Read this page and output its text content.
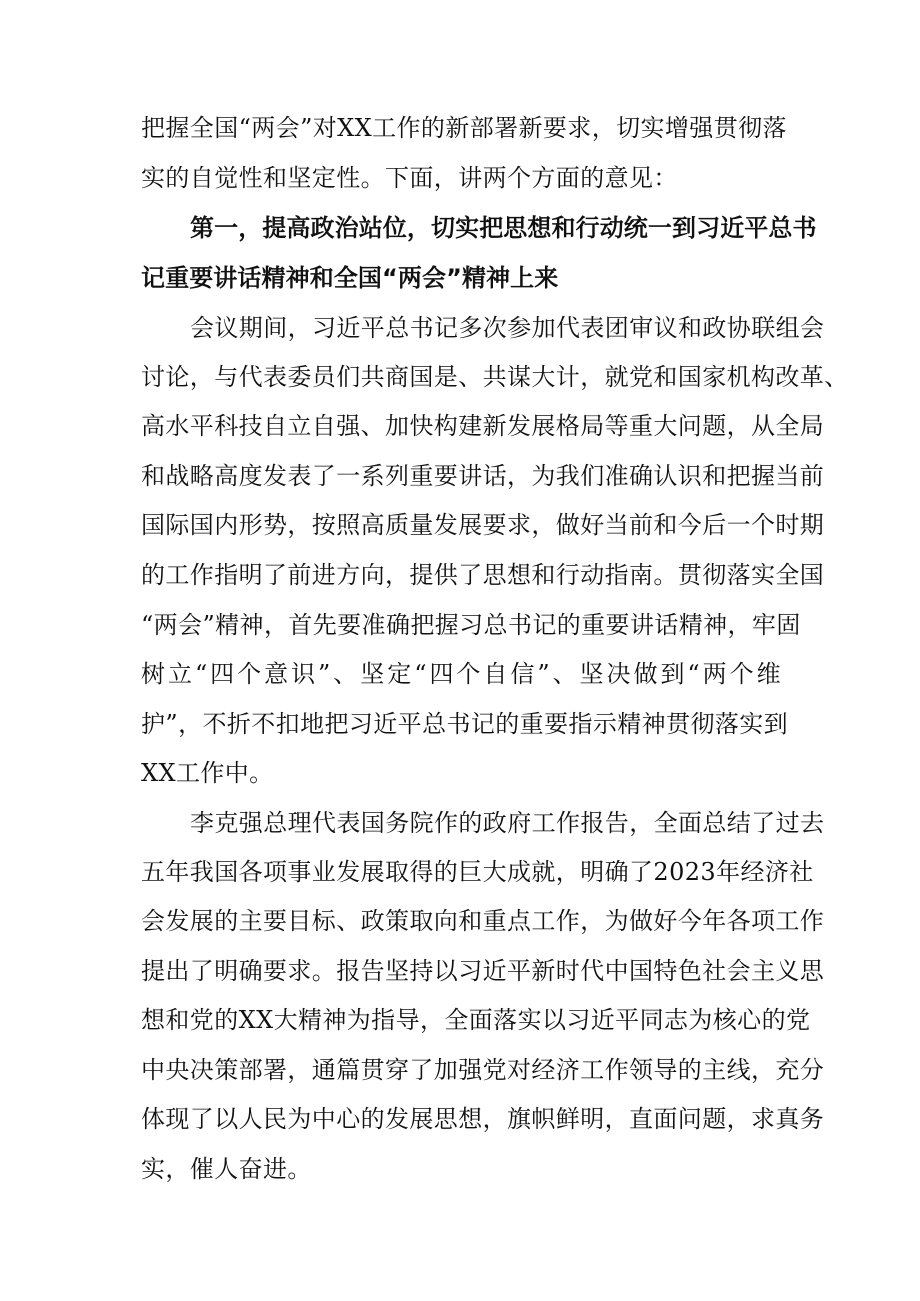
把握全国“两会”对XX工作的新部署新要求，切实增强贯彻落
实的自觉性和坚定性。下面，讲两个方面的意见：
第一，提高政治站位，切实把思想和行动统一到习近平总书
记重要讲话精神和全国“两会”精神上来
会议期间，习近平总书记多次参加代表团审议和政协联组会
讨论，与代表委员们共商国是、共谋大计，就党和国家机构改革、
高水平科技自立自强、加快构建新发展格局等重大问题，从全局
和战略高度发表了一系列重要讲话，为我们准确认识和把握当前
国际国内形势，按照高质量发展要求，做好当前和今后一个时期
的工作指明了前进方向，提供了思想和行动指南。贯彻落实全国
“两会”精神，首先要准确把握习总书记的重要讲话精神，牢固
树立“四个意识”、坚定“四个自信”、坚决做到“两个维
护”，不折不扣地把习近平总书记的重要指示精神贯彻落实到
XX工作中。
李克强总理代表国务院作的政府工作报告，全面总结了过去
五年我国各项事业发展取得的巨大成就，明确了2023年经济社
会发展的主要目标、政策取向和重点工作，为做好今年各项工作
提出了明确要求。报告坚持以习近平新时代中国特色社会主义思
想和党的XX大精神为指导，全面落实以习近平同志为核心的党
中央决策部署，通篇贯穿了加强党对经济工作领导的主线，充分
体现了以人民为中心的发展思想，旗帜鲜明，直面问题，求真务
实，催人奋进。
